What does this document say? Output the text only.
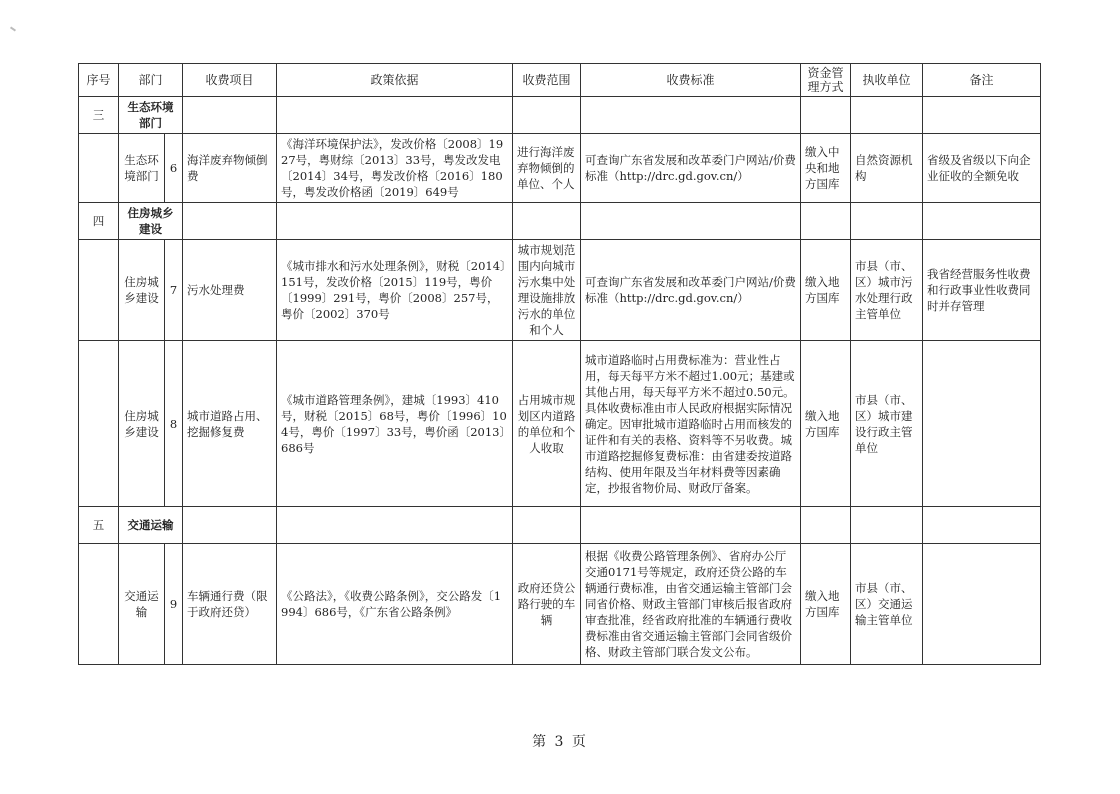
序号	部门		收费项目	政策依据	收费范围	收费标准	资金管理方式	执收单位	备注
三	生态环境部门								
	生态环境部门	6	海洋废弃物倾倒费	《海洋环境保护法》，发改价格〔2008〕1927号，粤财综〔2013〕33号，粤发改发电〔2014〕34号，粤发改价格〔2016〕180号，粤发改价格函〔2019〕649号	进行海洋废弃物倾倒的单位、个人	可查询广东省发展和改革委门户网站/价费标准（http://drc.gd.gov.cn/）	缴入中央和地方国库	自然资源机构	省级及省级以下向企业征收的全额免收
四	住房城乡建设								
	住房城乡建设	7	污水处理费	《城市排水和污水处理条例》，财税〔2014〕151号，发改价格〔2015〕119号，粤价〔1999〕291号，粤价〔2008〕257号，粤价〔2002〕370号	城市规划范围内向城市污水集中处理设施排放污水的单位和个人	可查询广东省发展和改革委门户网站/价费标准（http://drc.gd.gov.cn/）	缴入地方国库	市县（市、区）城市污水处理行政主管单位	我省经营服务性收费和行政事业性收费同时并存管理
	住房城乡建设	8	城市道路占用、挖掘修复费	《城市道路管理条例》，建城〔1993〕410号，财税〔2015〕68号，粤价〔1996〕104号，粤价〔1997〕33号，粤价函〔2013〕686号	占用城市规划区内道路的单位和个人收取	城市道路临时占用费标准为：营业性占用，每天每平方米不超过1.00元；基建或其他占用，每天每平方米不超过0.50元。具体收费标准由市人民政府根据实际情况确定。因审批城市道路临时占用而核发的证件和有关的表格、资料等不另收费。城市道路挖掘修复费标准：由省建委按道路结构、使用年限及当年材料费等因素确定，抄报省物价局、财政厅备案。	缴入地方国库	市县（市、区）城市建设行政主管单位	
五	交通运输								
	交通运输	9	车辆通行费（限于政府还贷）	《公路法》，《收费公路条例》，交公路发〔1994〕686号，《广东省公路条例》	政府还贷公路行驶的车辆	根据《收费公路管理条例》、省府办公厅交通0171号等规定，政府还贷公路的车辆通行费标准，由省交通运输主管部门会同省价格、财政主管部门审核后报省政府审查批准，经省政府批准的车辆通行费收费标准由省交通运输主管部门会同省级价格、财政主管部门联合发文公布。	缴入地方国库	市县（市、区）交通运输主管单位	
第 3 页
